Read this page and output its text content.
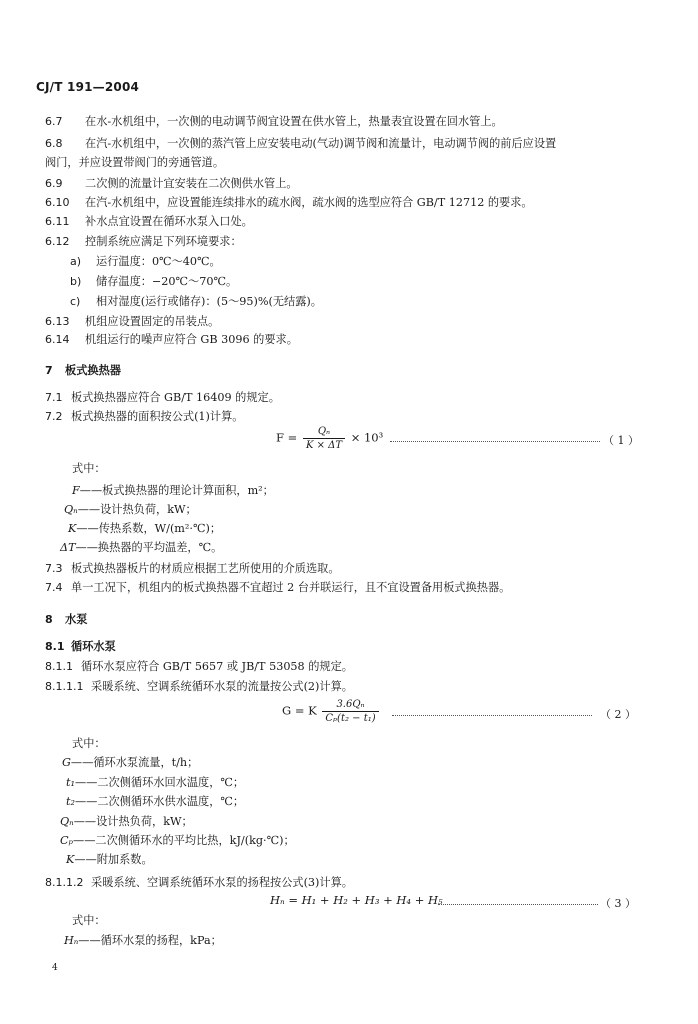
CJ/T 191—2004
6.7 在水-水机组中，一次侧的电动调节阀宜设置在供水管上，热量表宜设置在回水管上。
6.8 在汽-水机组中，一次侧的蒸汽管上应安装电动(气动)调节阀和流量计，电动调节阀的前后应设置
阀门，并应设置带阀门的旁通管道。
6.9 二次侧的流量计宜安装在二次侧供水管上。
6.10 在汽-水机组中，应设置能连续排水的疏水阀，疏水阀的选型应符合 GB/T 12712 的要求。
6.11 补水点宜设置在循环水泵入口处。
6.12 控制系统应满足下列环境要求：
a) 运行温度：0℃～40℃。
b) 储存温度：−20℃～70℃。
c) 相对湿度(运行或储存)：(5～95)%(无结露)。
6.13 机组应设置固定的吊装点。
6.14 机组运行的噪声应符合 GB 3096 的要求。
7 板式换热器
7.1 板式换热器应符合 GB/T 16409 的规定。
7.2 板式换热器的面积按公式(1)计算。
$F = \frac{\text{Qₙ}}{K \times \Delta T} \times 10^3$	（ 1 ）
式中：
F——板式换热器的理论计算面积，m²；
Qₙ——设计热负荷，kW；
K——传热系数，W/(m²·℃)；
ΔT——换热器的平均温差，℃。
7.3 板式换热器板片的材质应根据工艺所使用的介质选取。
7.4 单一工况下，机组内的板式换热器不宜超过 2 台并联运行，且不宜设置备用板式换热器。
8 水泵
8.1 循环水泵
8.1.1 循环水泵应符合 GB/T 5657 或 JB/T 53058 的规定。
8.1.1.1 采暖系统、空调系统循环水泵的流量按公式(2)计算。
G = K $\frac{\text{3.6Qₙ}}{\text{Cₚ(t₂ − t₁)}}$	（ 2 ）
式中：
G——循环水泵流量，t/h；
t₁——二次侧循环水回水温度，℃；
t₂——二次侧循环水供水温度，℃；
Qₙ——设计热负荷，kW；
Cₚ——二次侧循环水的平均比热，kJ/(kg·℃)；
K——附加系数。
8.1.1.2 采暖系统、空调系统循环水泵的扬程按公式(3)计算。
Hₙ = H₁ + H₂ + H₃ + H₄ + H₅	（ 3 ）
式中：
Hₙ——循环水泵的扬程，kPa；
4
